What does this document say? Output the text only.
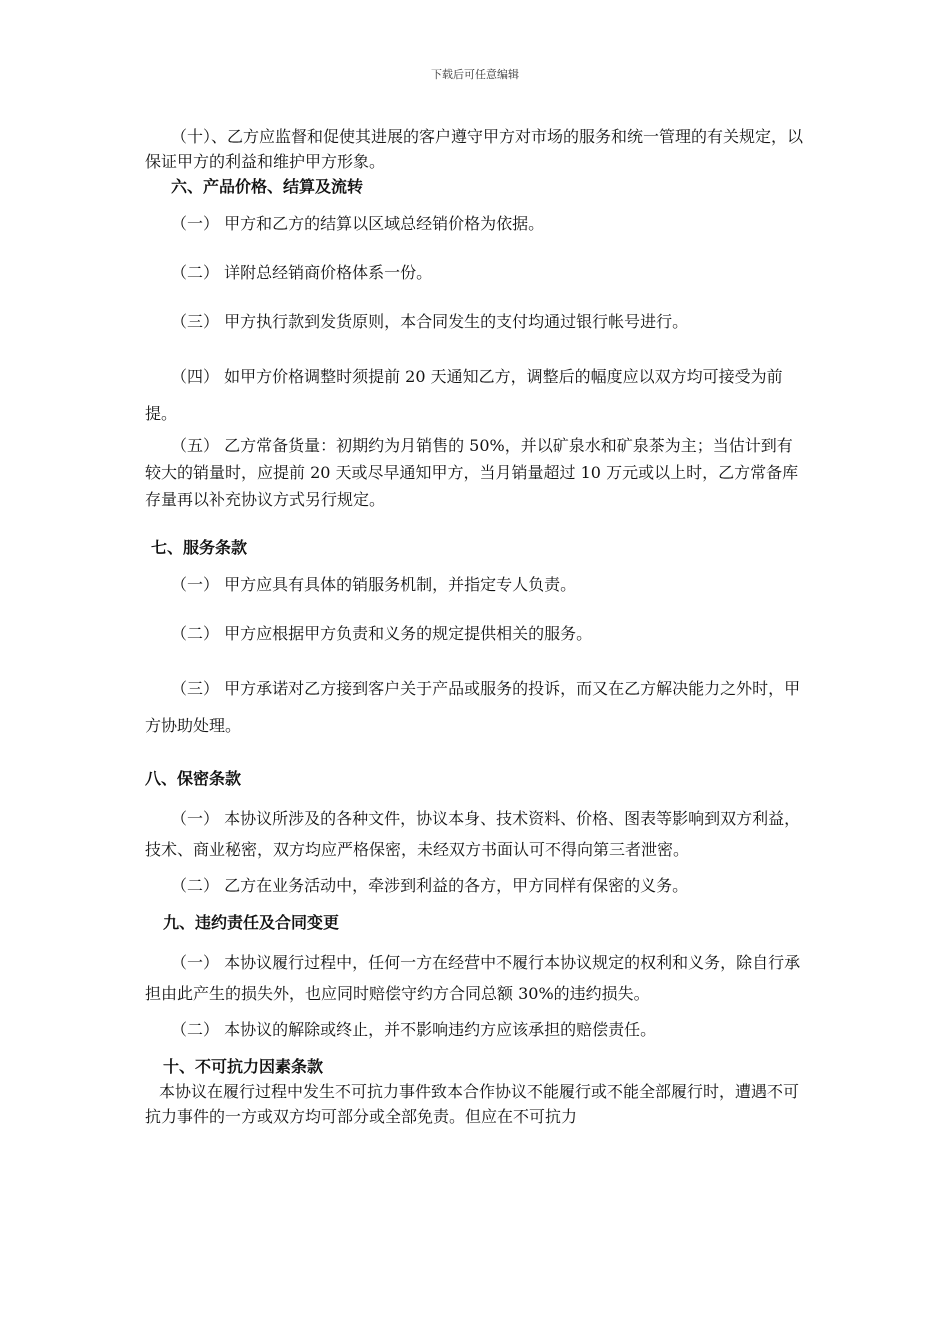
下载后可任意编辑

（十）、乙方应监督和促使其进展的客户遵守甲方对市场的服务和统一管理的有关规定，以保证甲方的利益和维护甲方形象。

六、产品价格、结算及流转

（一） 甲方和乙方的结算以区域总经销价格为依据。

（二） 详附总经销商价格体系一份。

（三） 甲方执行款到发货原则，本合同发生的支付均通过银行帐号进行。

（四） 如甲方价格调整时须提前 20 天通知乙方，调整后的幅度应以双方均可接受为前提。

（五） 乙方常备货量：初期约为月销售的 50%，并以矿泉水和矿泉茶为主；当估计到有较大的销量时，应提前 20 天或尽早通知甲方，当月销量超过 10 万元或以上时，乙方常备库存量再以补充协议方式另行规定。

七、服务条款

（一） 甲方应具有具体的销服务机制，并指定专人负责。

（二） 甲方应根据甲方负责和义务的规定提供相关的服务。

（三） 甲方承诺对乙方接到客户关于产品或服务的投诉，而又在乙方解决能力之外时，甲方协助处理。

八、保密条款

（一） 本协议所涉及的各种文件，协议本身、技术资料、价格、图表等影响到双方利益，技术、商业秘密，双方均应严格保密，未经双方书面认可不得向第三者泄密。

（二） 乙方在业务活动中，牵涉到利益的各方，甲方同样有保密的义务。

九、违约责任及合同变更

（一） 本协议履行过程中，任何一方在经营中不履行本协议规定的权利和义务，除自行承担由此产生的损失外，也应同时赔偿守约方合同总额 30%的违约损失。

（二） 本协议的解除或终止，并不影响违约方应该承担的赔偿责任。

十、不可抗力因素条款

本协议在履行过程中发生不可抗力事件致本合作协议不能履行或不能全部履行时，遭遇不可抗力事件的一方或双方均可部分或全部免责。但应在不可抗力
